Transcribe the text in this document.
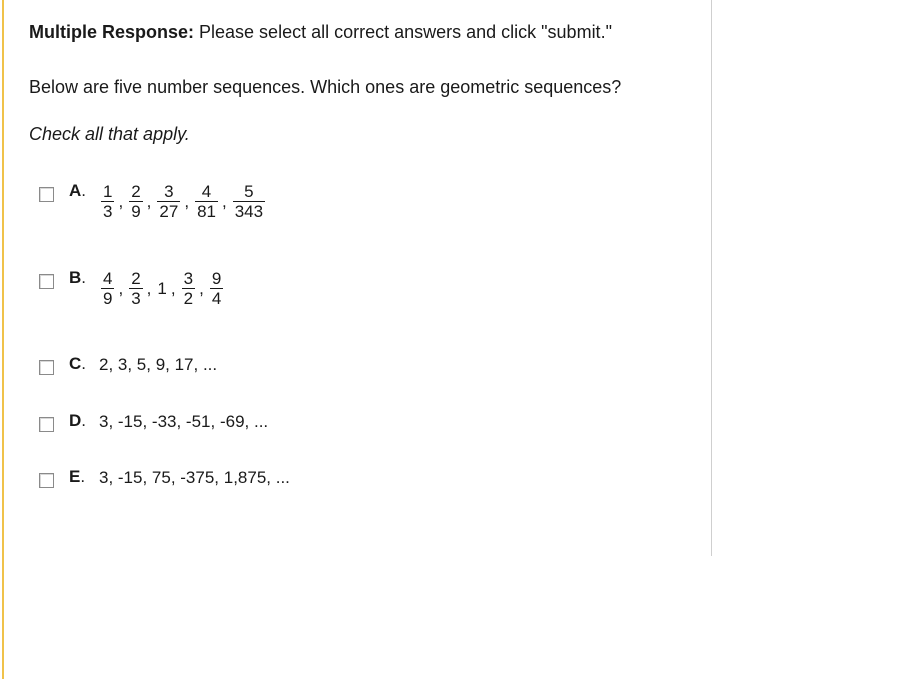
Multiple Response: Please select all correct answers and click "submit."
Below are five number sequences. Which ones are geometric sequences?
Check all that apply.
A. $\frac{1}{3}$ , $\frac{2}{9}$ , $\frac{3}{27}$ , $\frac{4}{81}$ , $\frac{5}{343}$
B. $\frac{4}{9}$ , $\frac{2}{3}$ , 1 , $\frac{3}{2}$ , $\frac{9}{4}$
C. 2, 3, 5, 9, 17, ...
D. 3, -15, -33, -51, -69, ...
E. 3, -15, 75, -375, 1,875, ...
